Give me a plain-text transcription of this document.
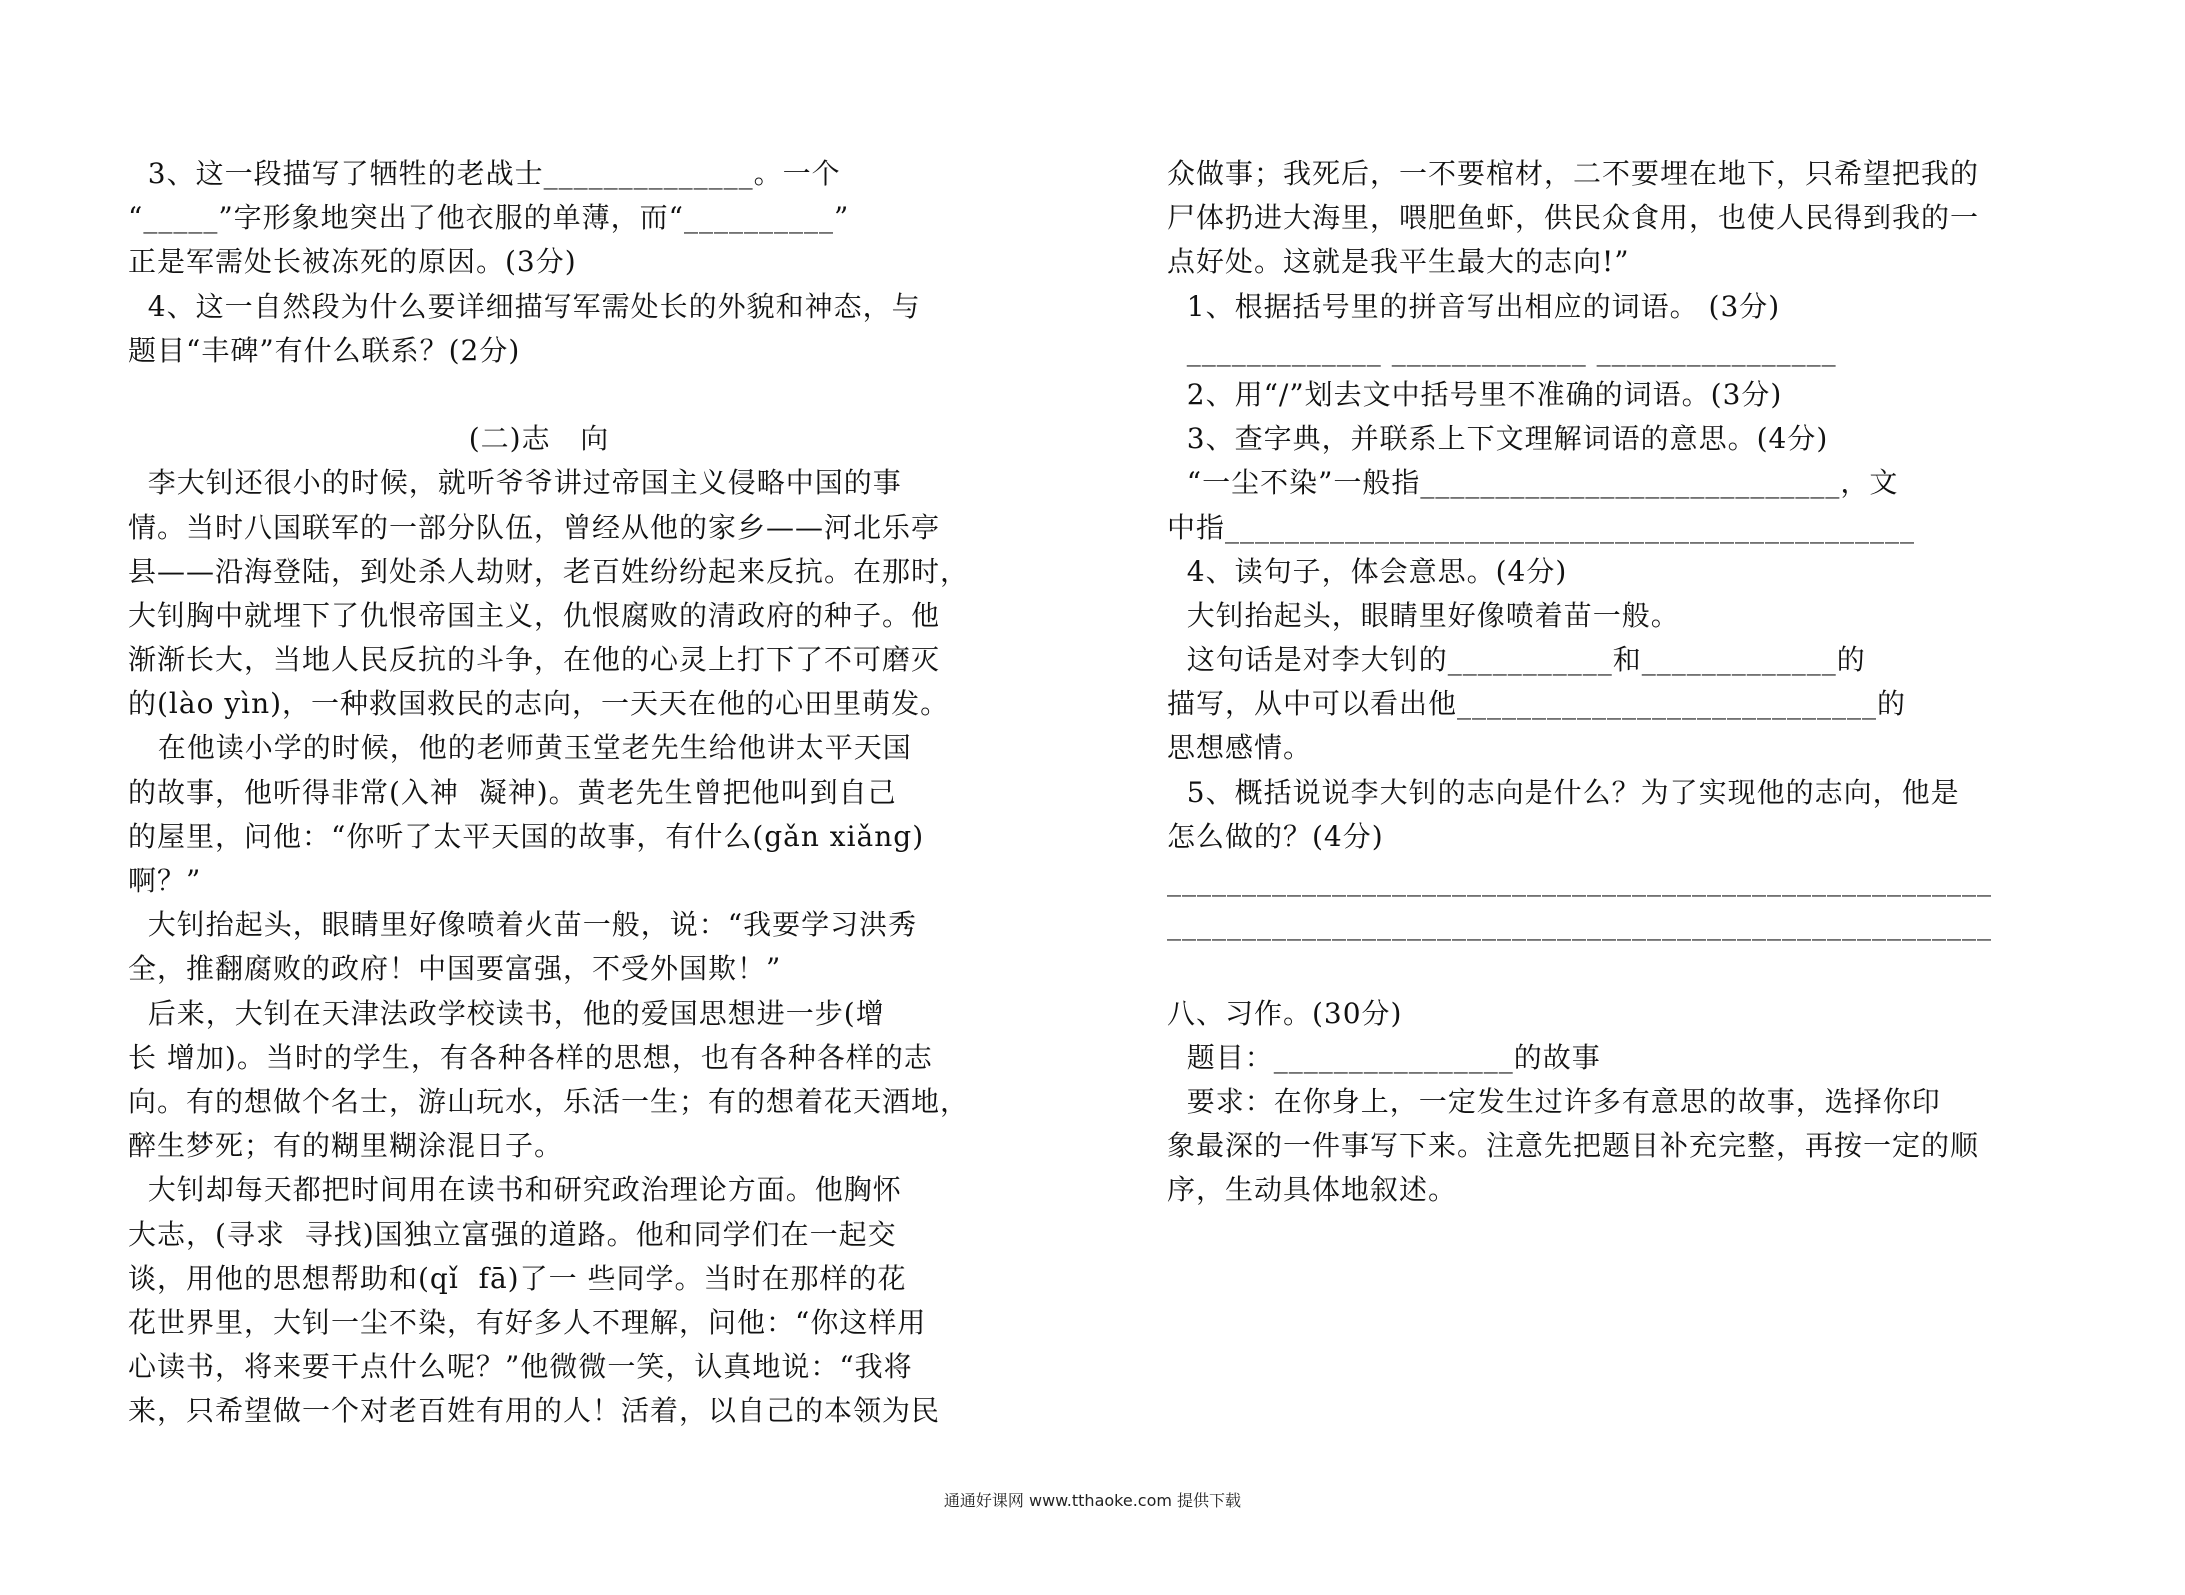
3、这一段描写了牺牲的老战士______________。一个
“_____”字形象地突出了他衣服的单薄，而“__________”
正是军需处长被冻死的原因。(3分)
4、这一自然段为什么要详细描写军需处长的外貌和神态，与
题目“丰碑”有什么联系？(2分)
(二)志   向
李大钊还很小的时候，就听爷爷讲过帝国主义侵略中国的事
情。当时八国联军的一部分队伍，曾经从他的家乡——河北乐亭
县——沿海登陆，到处杀人劫财，老百姓纷纷起来反抗。在那时，
大钊胸中就埋下了仇恨帝国主义，仇恨腐败的清政府的种子。他
渐渐长大，当地人民反抗的斗争，在他的心灵上打下了不可磨灭
的(lào yìn)，一种救国救民的志向，一天天在他的心田里萌发。
在他读小学的时候，他的老师黄玉堂老先生给他讲太平天国
的故事，他听得非常(入神  凝神)。黄老先生曾把他叫到自己
的屋里，问他：“你听了太平天国的故事，有什么(gǎn xiǎng)
啊？”
大钊抬起头，眼睛里好像喷着火苗一般，说：“我要学习洪秀
全，推翻腐败的政府！中国要富强，不受外国欺！”
后来，大钊在天津法政学校读书，他的爱国思想进一步(增
长 增加)。当时的学生，有各种各样的思想，也有各种各样的志
向。有的想做个名士，游山玩水，乐活一生；有的想着花天酒地，
醉生梦死；有的糊里糊涂混日子。
大钊却每天都把时间用在读书和研究政治理论方面。他胸怀
大志，(寻求  寻找)国独立富强的道路。他和同学们在一起交
谈，用他的思想帮助和(qǐ  fā)了一 些同学。当时在那样的花
花世界里，大钊一尘不染，有好多人不理解，问他：“你这样用
心读书，将来要干点什么呢？”他微微一笑，认真地说：“我将
来，只希望做一个对老百姓有用的人！活着，以自己的本领为民
众做事；我死后，一不要棺材，二不要埋在地下，只希望把我的
尸体扔进大海里，喂肥鱼虾，供民众食用，也使人民得到我的一
点好处。这就是我平生最大的志向!”
1、根据括号里的拼音写出相应的词语。 (3分)
_____________ _____________ ________________
2、用“/”划去文中括号里不准确的词语。(3分)
3、查字典，并联系上下文理解词语的意思。(4分)
“一尘不染”一般指____________________________，文
中指______________________________________________
4、读句子，体会意思。(4分)
大钊抬起头，眼睛里好像喷着苗一般。
这句话是对李大钊的___________和_____________的
描写，从中可以看出他____________________________的
思想感情。
5、概括说说李大钊的志向是什么？为了实现他的志向，他是
怎么做的？(4分)
_______________________________________________________
_______________________________________________________
八、习作。(30分)
题目：________________的故事
要求：在你身上，一定发生过许多有意思的故事，选择你印
象最深的一件事写下来。注意先把题目补充完整，再按一定的顺
序，生动具体地叙述。
通通好课网 www.tthaoke.com 提供下载
